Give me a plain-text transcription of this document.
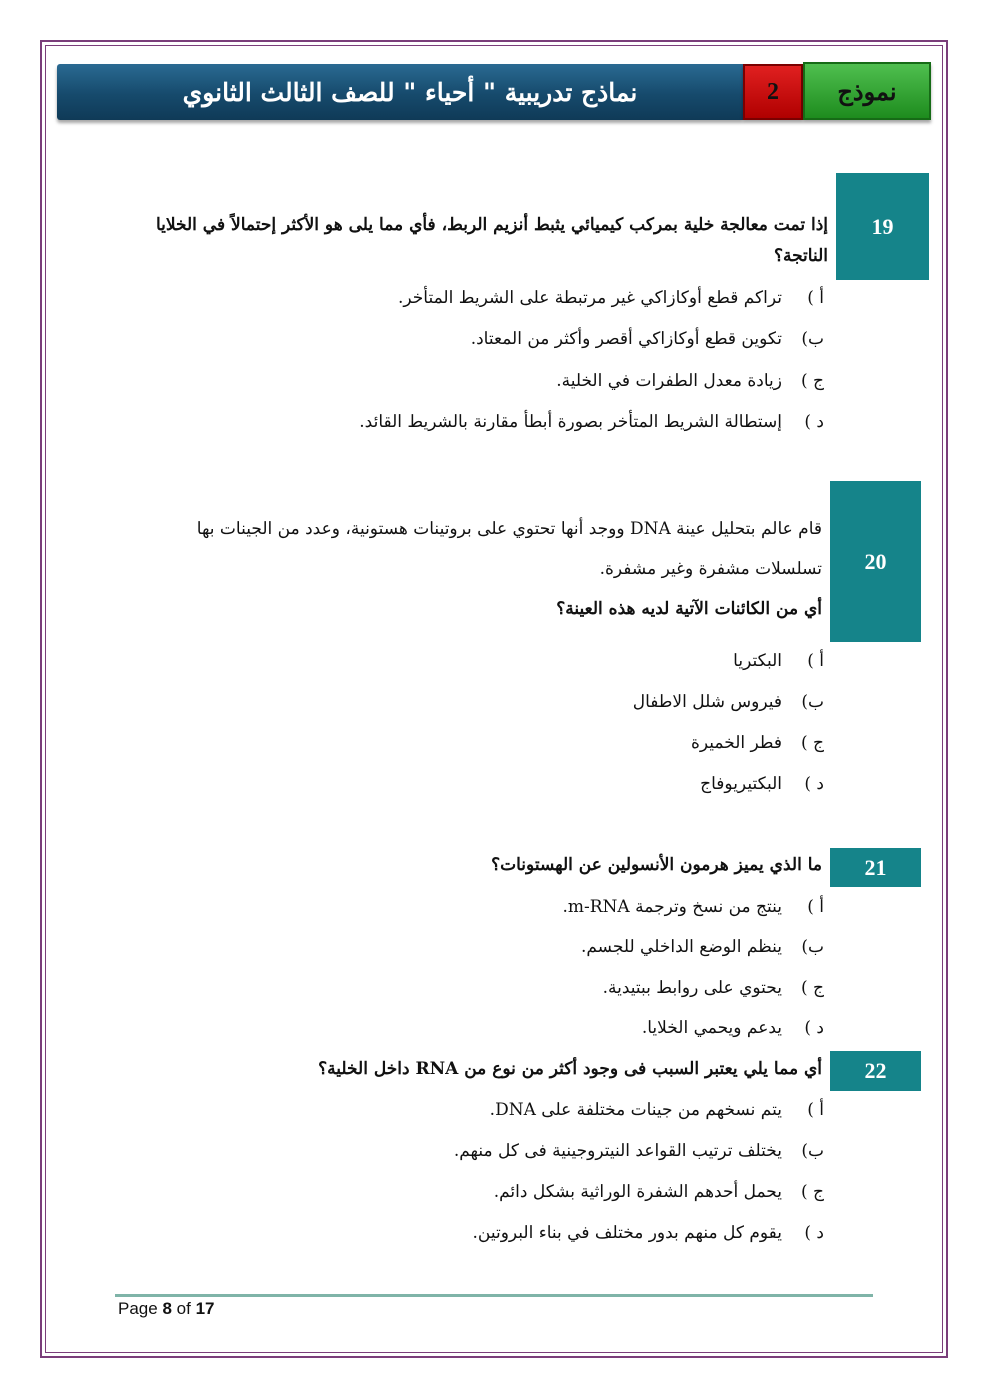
نماذج تدريبية " أحياء " للصف الثالث الثانوي	2	نموذج
19
إذا تمت معالجة خلية بمركب كيميائي يثبط أنزيم الربط، فأي مما يلى هو الأكثر إحتمالاً في الخلايا
الناتجة؟
أ )تراكم قطع أوكازاكي غير مرتبطة على الشريط المتأخر.
ب)تكوين قطع أوكازاكي أقصر وأكثر من المعتاد.
ج )زيادة معدل الطفرات في الخلية.
د )إستطالة الشريط المتأخر بصورة أبطأ مقارنة بالشريط القائد.
20
قام عالم بتحليل عينة DNA ووجد أنها تحتوي على بروتينات هستونية، وعدد من الجينات بها
تسلسلات مشفرة وغير مشفرة.
أي من الكائنات الآتية لديه هذه العينة؟
أ )البكتريا
ب)فيروس شلل الاطفال
ج )فطر الخميرة
د )البكتيريوفاج
21
ما الذي يميز هرمون الأنسولين عن الهستونات؟
أ )ينتج من نسخ وترجمة m-RNA.
ب)ينظم الوضع الداخلي للجسم.
ج )يحتوي على روابط ببتيدية.
د )يدعم ويحمي الخلايا.
22
أي مما يلي يعتبر السبب فى وجود أكثر من نوع من RNA داخل الخلية؟
أ )يتم نسخهم من جينات مختلفة على DNA.
ب)يختلف ترتيب القواعد النيتروجينية فى كل منهم.
ج )يحمل أحدهم الشفرة الوراثية بشكل دائم.
د )يقوم كل منهم بدور مختلف في بناء البروتين.
Page 8 of 17
